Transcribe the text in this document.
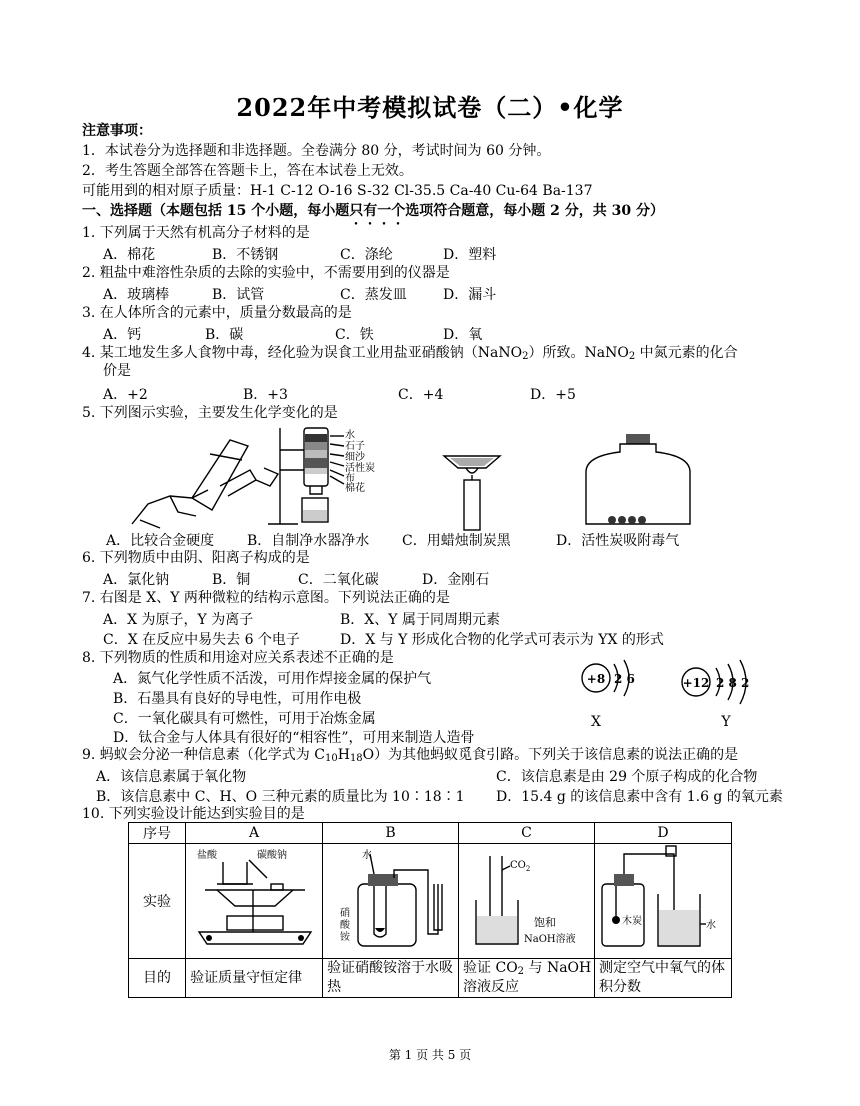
2022年中考模拟试卷（二）•化学
注意事项：
1．本试卷分为选择题和非选择题。全卷满分 80 分，考试时间为 60 分钟。
2．考生答题全部答在答题卡上，答在本试卷上无效。
可能用到的相对原子质量：H-1 C-12 O-16 S-32 Cl-35.5 Ca-40 Cu-64 Ba-137
一、选择题（本题包括 15 个小题，每小题只有一个选项符合题意，每小题 2 分，共 30 分）
1. 下列属于天然有机高分子材料的是
A．棉花	B．不锈钢	C．涤纶	D．塑料
2. 粗盐中难溶性杂质的去除的实验中，不需要用到的仪器是
A．玻璃棒	B．试管	C．蒸发皿	D．漏斗
3. 在人体所含的元素中，质量分数最高的是
A．钙	B．碳	C．铁	D．氧
4. 某工地发生多人食物中毒，经化验为误食工业用盐亚硝酸钠（NaNO$_2$）所致。NaNO$_2$ 中氮元素的化合
价是
A．+2	B．+3	C．+4	D．+5
5. 下列图示实验，主要发生化学变化的是
水
石子
细沙
活性炭
布
棉花
A．比较合金硬度 B．自制净水器净水 C．用蜡烛制炭黑	D．活性炭吸附毒气
6. 下列物质中由阴、阳离子构成的是
A．氯化钠	B．铜	C．二氧化碳	D．金刚石
7. 右图是 X、Y 两种微粒的结构示意图。下列说法正确的是
A．X 为原子，Y 为离子	B．X、Y 属于同周期元素
C．X 在反应中易失去 6 个电子	D．X 与 Y 形成化合物的化学式可表示为 YX 的形式
8. 下列物质的性质和用途对应关系表述不正确的是
A．氮气化学性质不活泼，可用作焊接金属的保护气
B．石墨具有良好的导电性，可用作电极
C．一氧化碳具有可燃性，可用于冶炼金属
D．钛合金与人体具有很好的“相容性”，可用来制造人造骨
+8 2 6
X
+12 2 8 2
Y
9. 蚂蚁会分泌一种信息素（化学式为 $C_{10}H_{18}O$）为其他蚂蚁觅食引路。下列关于该信息素的说法正确的是
A．该信息素属于氧化物	C．该信息素是由 29 个原子构成的化合物
B．该信息素中 C、H、O 三种元素的质量比为 10∶18∶1 D．15.4 g 的该信息素中含有 1.6 g 的氧元素
10. 下列实验设计能达到实验目的是
序号	A	B	C	D
实验	盐酸 碳酸钠	水
硝
酸
铵	$CO_2$
饱和
NaOH溶液	木炭 水

目的	验证质量守恒定律	验证硝酸铵溶于水吸热	验证 $CO_2$ 与 NaOH 溶液反应	测定空气中氧气的体积分数
第 1 页 共 5 页
